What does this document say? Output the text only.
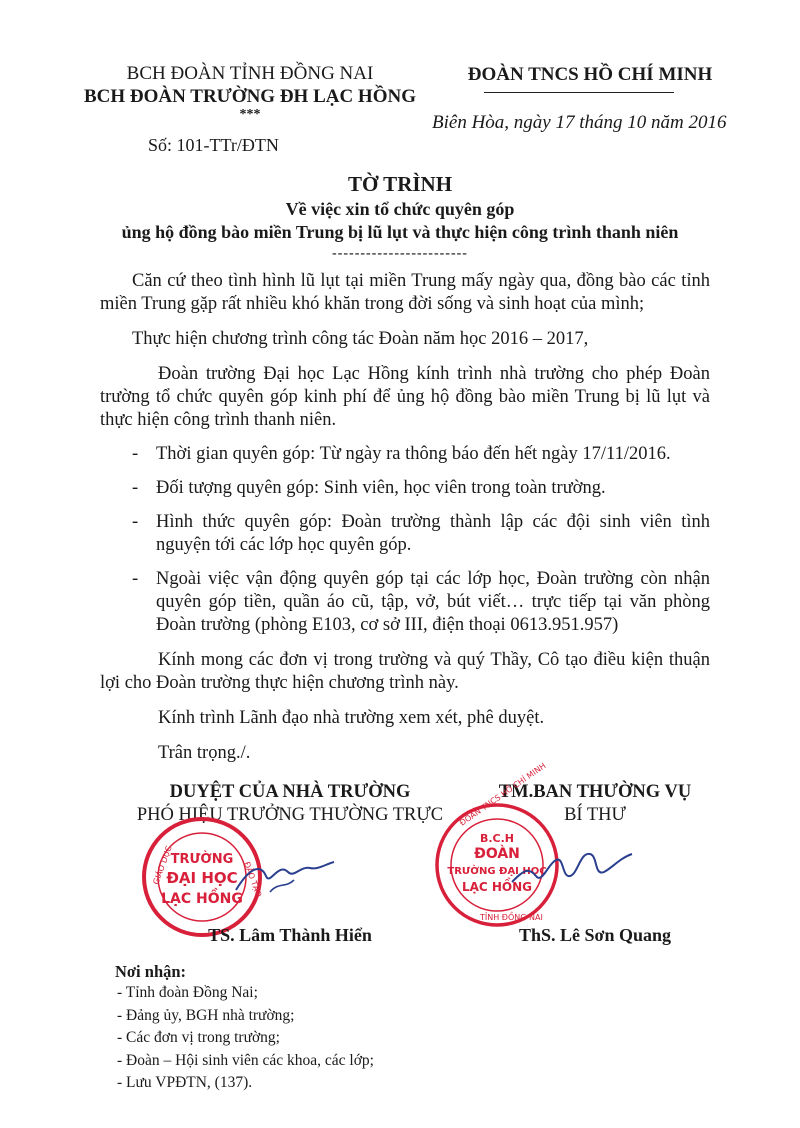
BCH ĐOÀN TỈNH ĐỒNG NAI
BCH ĐOÀN TRƯỜNG ĐH LẠC HỒNG
***
Số: 101-TTr/ĐTN
ĐOÀN TNCS HỒ CHÍ MINH
Biên Hòa, ngày 17 tháng 10 năm 2016
TỜ TRÌNH
Về việc xin tổ chức quyên góp
ủng hộ đồng bào miền Trung bị lũ lụt và thực hiện công trình thanh niên
------------------------

Căn cứ theo tình hình lũ lụt tại miền Trung mấy ngày qua, đồng bào các tỉnh miền Trung gặp rất nhiều khó khăn trong đời sống và sinh hoạt của mình;

Thực hiện chương trình công tác Đoàn năm học 2016 – 2017,

Đoàn trường Đại học Lạc Hồng kính trình nhà trường cho phép Đoàn trường tổ chức quyên góp kinh phí để ủng hộ đồng bào miền Trung bị lũ lụt và thực hiện công trình thanh niên.

- Thời gian quyên góp: Từ ngày ra thông báo đến hết ngày 17/11/2016.
- Đối tượng quyên góp: Sinh viên, học viên trong toàn trường.
- Hình thức quyên góp: Đoàn trường thành lập các đội sinh viên tình nguyện tới các lớp học quyên góp.
- Ngoài việc vận động quyên góp tại các lớp học, Đoàn trường còn nhận quyên góp tiền, quần áo cũ, tập, vở, bút viết… trực tiếp tại văn phòng Đoàn trường (phòng E103, cơ sở III, điện thoại 0613.951.957)

Kính mong các đơn vị trong trường và quý Thầy, Cô tạo điều kiện thuận lợi cho Đoàn trường thực hiện chương trình này.

Kính trình Lãnh đạo nhà trường xem xét, phê duyệt.

Trân trọng./.

DUYỆT CỦA NHÀ TRƯỜNG
PHÓ HIỆU TRƯỞNG THƯỜNG TRỰC
TM.BAN THƯỜNG VỤ
BÍ THƯ
TRƯỜNG
ĐẠI HỌC
LẠC HỒNG
GIÁO DỤC	ĐÀO TẠO
B.C.H
ĐOÀN
TRƯỜNG ĐẠI HỌC
LẠC HỒNG
ĐOÀN TNCS HỒ CHÍ MINH
TỈNH ĐỒNG NAI
TS. Lâm Thành Hiển	ThS. Lê Sơn Quang
Nơi nhận:
- Tỉnh đoàn Đồng Nai;
- Đảng ủy, BGH nhà trường;
- Các đơn vị trong trường;
- Đoàn – Hội sinh viên các khoa, các lớp;
- Lưu VPĐTN, (137).
